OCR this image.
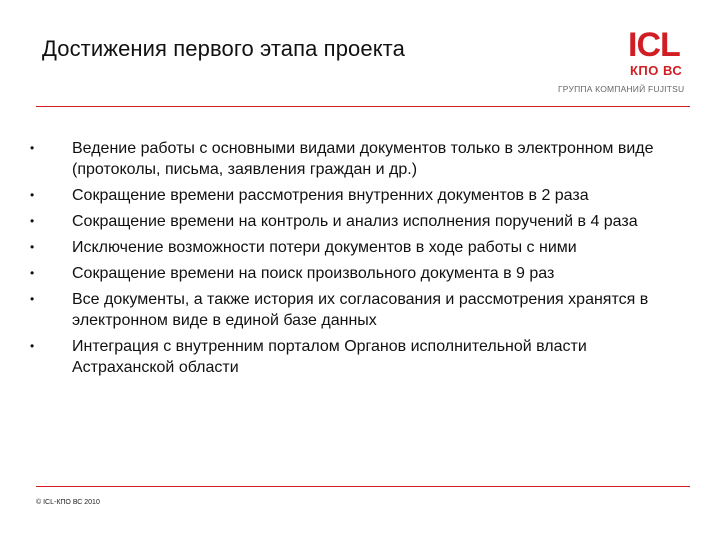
Достижения первого этапа проекта	ICL
КПО ВС
ГРУППА КОМПАНИЙ FUJITSU
•	Ведение работы с основными видами документов только в электронном виде (протоколы, письма, заявления граждан и др.)
•	Сокращение времени рассмотрения внутренних документов в 2 раза
•	Сокращение времени на контроль и анализ исполнения поручений в 4 раза
•	Исключение возможности потери документов в ходе работы с ними
•	Сокращение времени на поиск произвольного документа в 9 раз
•	Все документы, а также история их согласования и рассмотрения хранятся в электронном виде в единой базе данных
•	Интеграция с внутренним порталом Органов исполнительной власти Астраханской области
© ICL-КПО ВС 2010
